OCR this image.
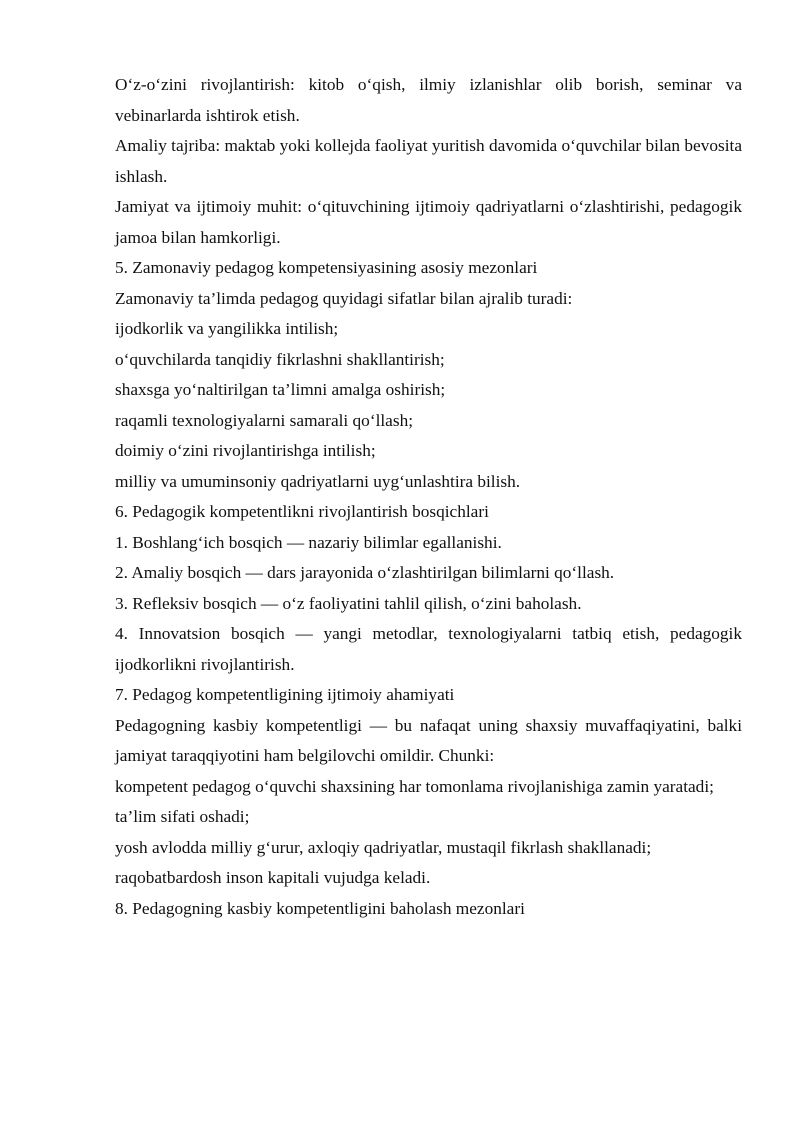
O‘z-o‘zini rivojlantirish: kitob o‘qish, ilmiy izlanishlar olib borish, seminar va vebinarlarda ishtirok etish.

Amaliy tajriba: maktab yoki kollejda faoliyat yuritish davomida o‘quvchilar bilan bevosita ishlash.

Jamiyat va ijtimoiy muhit: o‘qituvchining ijtimoiy qadriyatlarni o‘zlashtirishi, pedagogik jamoa bilan hamkorligi.

5. Zamonaviy pedagog kompetensiyasining asosiy mezonlari

Zamonaviy ta’limda pedagog quyidagi sifatlar bilan ajralib turadi:

ijodkorlik va yangilikka intilish;

o‘quvchilarda tanqidiy fikrlashni shakllantirish;

shaxsga yo‘naltirilgan ta’limni amalga oshirish;

raqamli texnologiyalarni samarali qo‘llash;

doimiy o‘zini rivojlantirishga intilish;

milliy va umuminsoniy qadriyatlarni uyg‘unlashtira bilish.

6. Pedagogik kompetentlikni rivojlantirish bosqichlari

1. Boshlang‘ich bosqich — nazariy bilimlar egallanishi.

2. Amaliy bosqich — dars jarayonida o‘zlashtirilgan bilimlarni qo‘llash.

3. Refleksiv bosqich — o‘z faoliyatini tahlil qilish, o‘zini baholash.

4. Innovatsion bosqich — yangi metodlar, texnologiyalarni tatbiq etish, pedagogik ijodkorlikni rivojlantirish.

7. Pedagog kompetentligining ijtimoiy ahamiyati

Pedagogning kasbiy kompetentligi — bu nafaqat uning shaxsiy muvaffaqiyatini, balki jamiyat taraqqiyotini ham belgilovchi omildir. Chunki:

kompetent pedagog o‘quvchi shaxsining har tomonlama rivojlanishiga zamin yaratadi;

ta’lim sifati oshadi;

yosh avlodda milliy g‘urur, axloqiy qadriyatlar, mustaqil fikrlash shakllanadi;

raqobatbardosh inson kapitali vujudga keladi.

8. Pedagogning kasbiy kompetentligini baholash mezonlari
